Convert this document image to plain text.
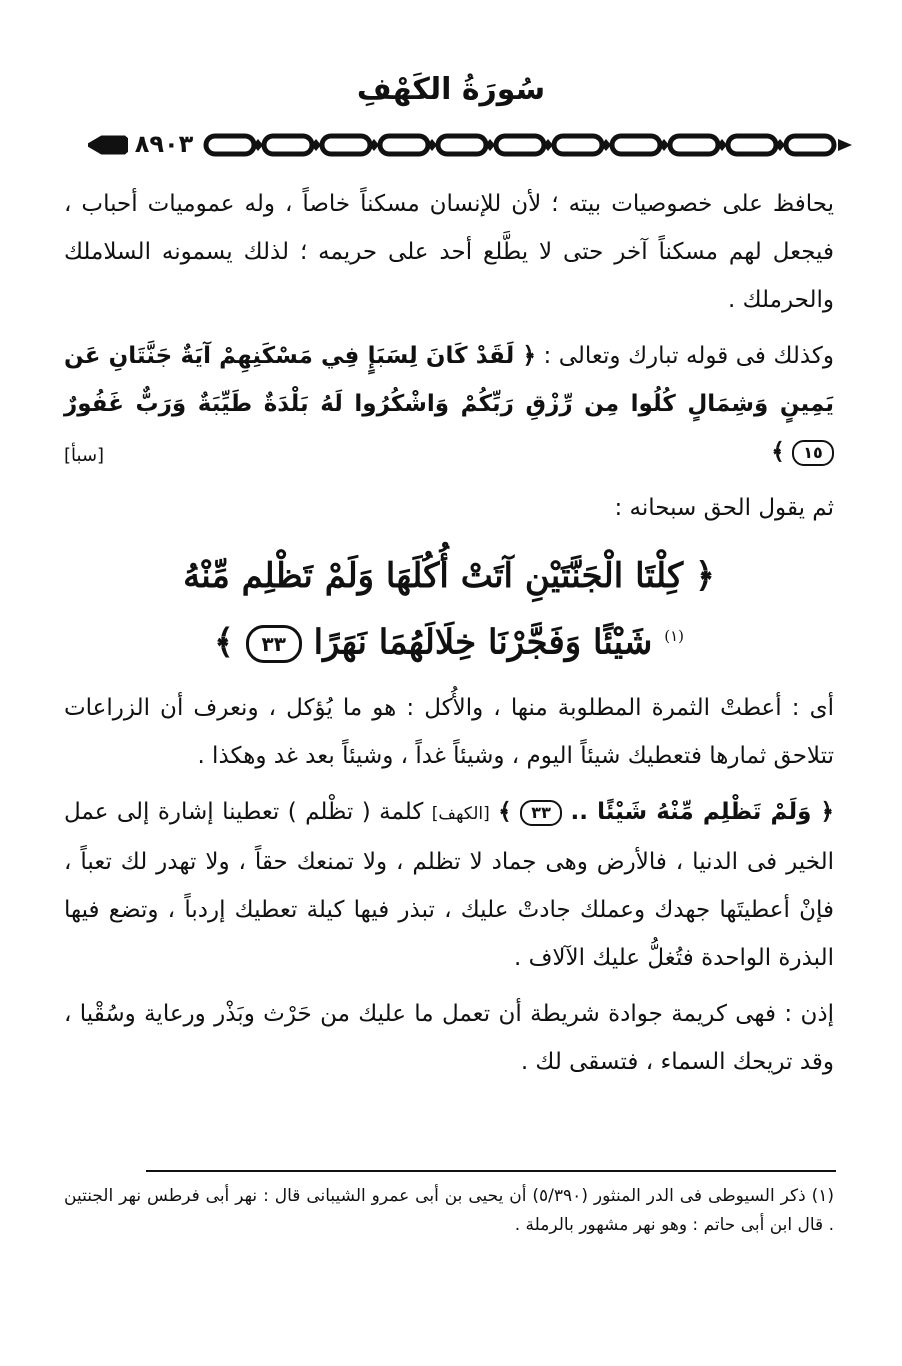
سُورَةُ الكَهْفِ
٨٩٠٣

يحافظ على خصوصيات بيته ؛ لأن للإنسان مسكناً خاصاً ، وله عموميات أحباب ، فيجعل لهم مسكناً آخر حتى لا يطَّلع أحد على حريمه ؛ لذلك يسمونه السلاملك والحرملك .

وكذلك فى قوله تبارك وتعالى : ﴿ لَقَدْ كَانَ لِسَبَإٍ فِي مَسْكَنِهِمْ آيَةٌ جَنَّتَانِ عَن يَمِينٍ وَشِمَالٍ كُلُوا مِن رِّزْقِ رَبِّكُمْ وَاشْكُرُوا لَهُ بَلْدَةٌ طَيِّبَةٌ وَرَبٌّ غَفُورٌ ١٥ ﴾
[سبأ]

ثم يقول الحق سبحانه :

﴿ كِلْتَا الْجَنَّتَيْنِ آتَتْ أُكُلَهَا وَلَمْ تَظْلِم مِّنْهُ
$^{(١)}$ شَيْئًا وَفَجَّرْنَا خِلَالَهُمَا نَهَرًا ٣٣ ﴾

أى : أعطتْ الثمرة المطلوبة منها ، والأُكل : هو ما يُؤكل ، ونعرف أن الزراعات تتلاحق ثمارها فتعطيك شيئاً اليوم ، وشيئاً غداً ، وشيئاً بعد غد وهكذا .

﴿ وَلَمْ تَظْلِم مِّنْهُ شَيْئًا .. ٣٣ ﴾ [الكهف] كلمة ( تظْلم ) تعطينا إشارة إلى عمل الخير فى الدنيا ، فالأرض وهى جماد لا تظلم ، ولا تمنعك حقاً ، ولا تهدر لك تعباً ، فإنْ أعطيتَها جهدك وعملك جادتْ عليك ، تبذر فيها كيلة تعطيك إردباً ، وتضع فيها البذرة الواحدة فتُغلُّ عليك الآلاف .

إذن : فهى كريمة جوادة شريطة أن تعمل ما عليك من حَرْث وبَذْر ورعاية وسُقْيا ، وقد تريحك السماء ، فتسقى لك .

(١) ذكر السيوطى فى الدر المنثور (٥/٣٩٠) أن يحيى بن أبى عمرو الشيبانى قال : نهر أبى فرطس نهر الجنتين . قال ابن أبى حاتم : وهو نهر مشهور بالرملة .
